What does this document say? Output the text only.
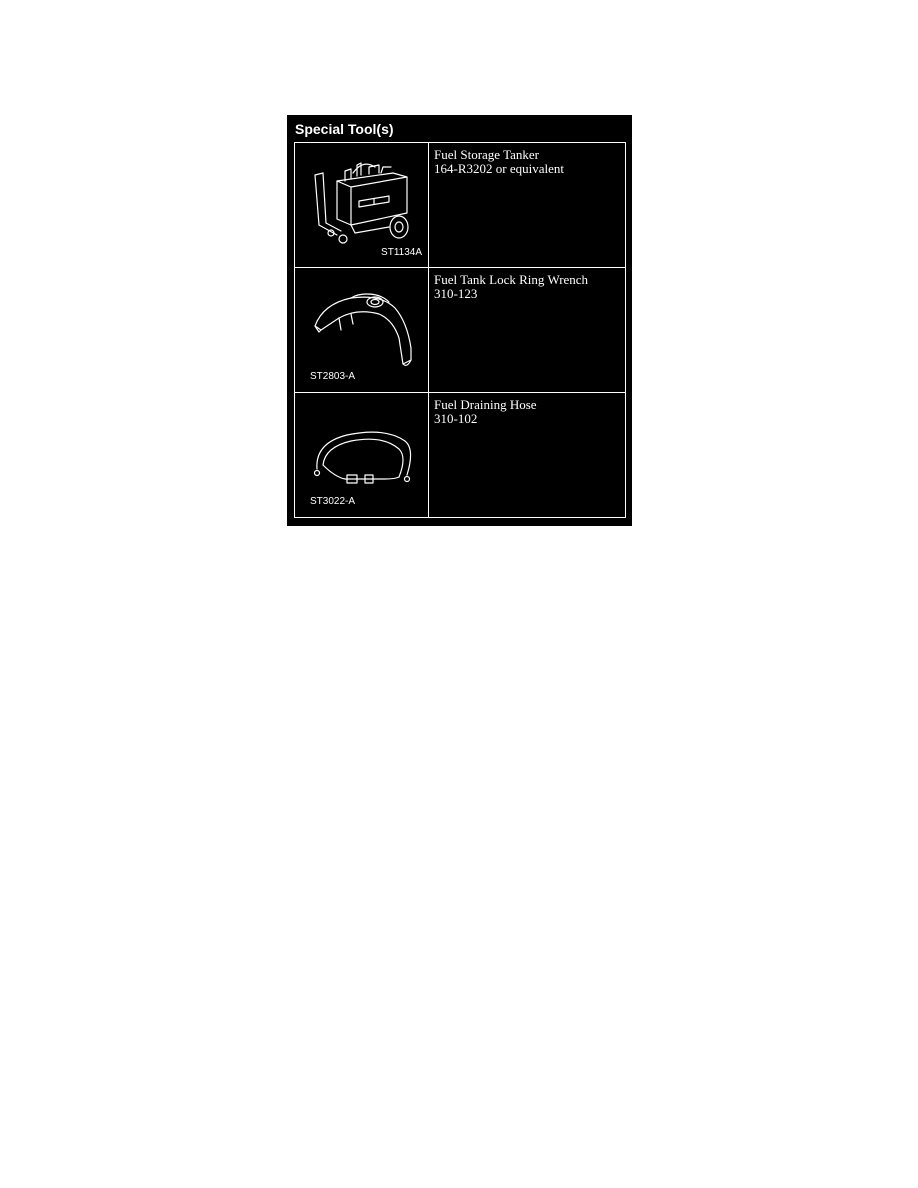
Special Tool(s)
ST1134A	Fuel Storage Tanker
164-R3202 or equivalent

ST2803-A	Fuel Tank Lock Ring Wrench
310-123

ST3022-A	Fuel Draining Hose
310-102
